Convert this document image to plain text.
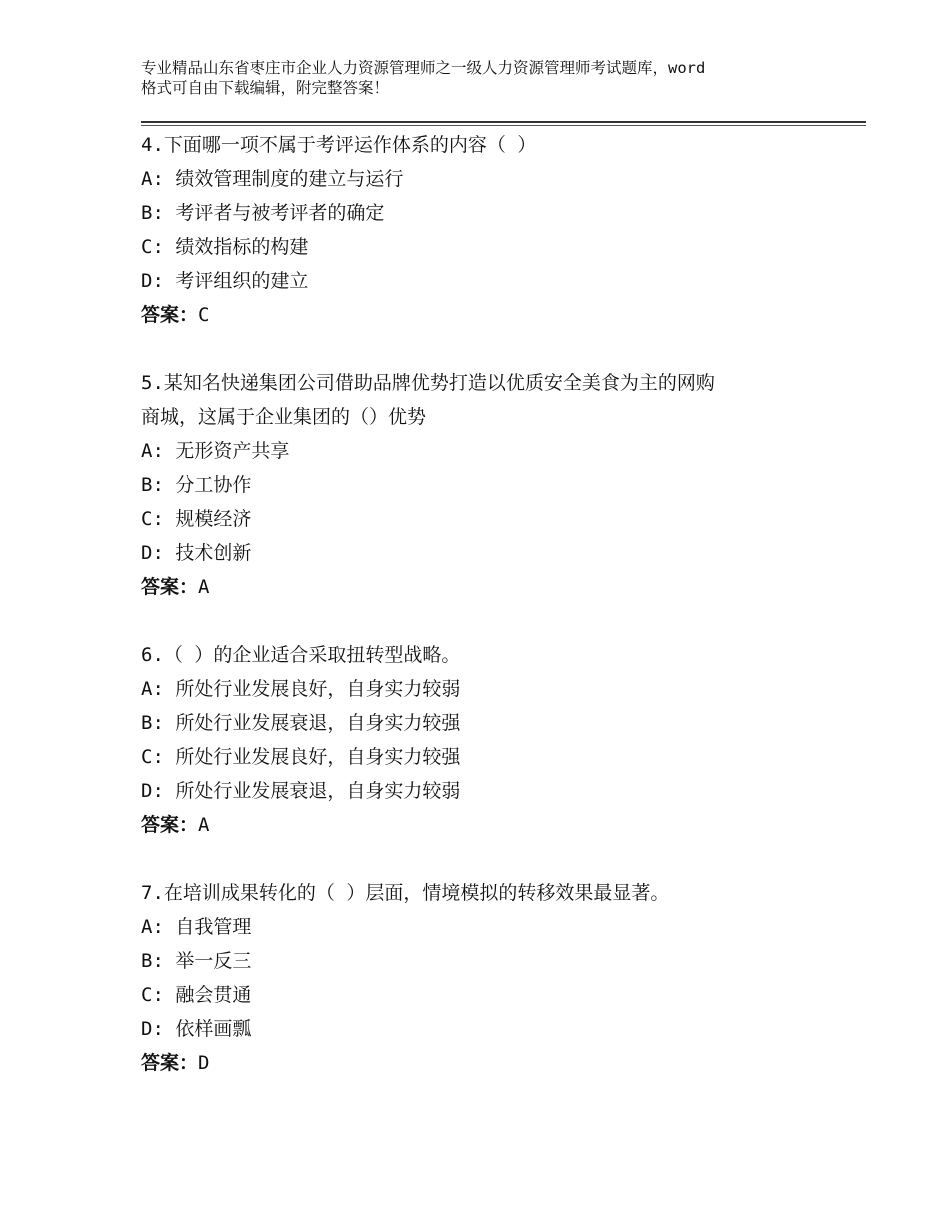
专业精品山东省枣庄市企业人力资源管理师之一级人力资源管理师考试题库，word
格式可自由下载编辑，附完整答案！
4.下面哪一项不属于考评运作体系的内容（ ）
A: 绩效管理制度的建立与运行
B: 考评者与被考评者的确定
C: 绩效指标的构建
D: 考评组织的建立
答案：C
5.某知名快递集团公司借助品牌优势打造以优质安全美食为主的网购
商城，这属于企业集团的（）优势
A: 无形资产共享
B: 分工协作
C: 规模经济
D: 技术创新
答案：A
6.（ ）的企业适合采取扭转型战略。
A: 所处行业发展良好，自身实力较弱
B: 所处行业发展衰退，自身实力较强
C: 所处行业发展良好，自身实力较强
D: 所处行业发展衰退，自身实力较弱
答案：A
7.在培训成果转化的（ ）层面，情境模拟的转移效果最显著。
A: 自我管理
B: 举一反三
C: 融会贯通
D: 依样画瓢
答案：D
